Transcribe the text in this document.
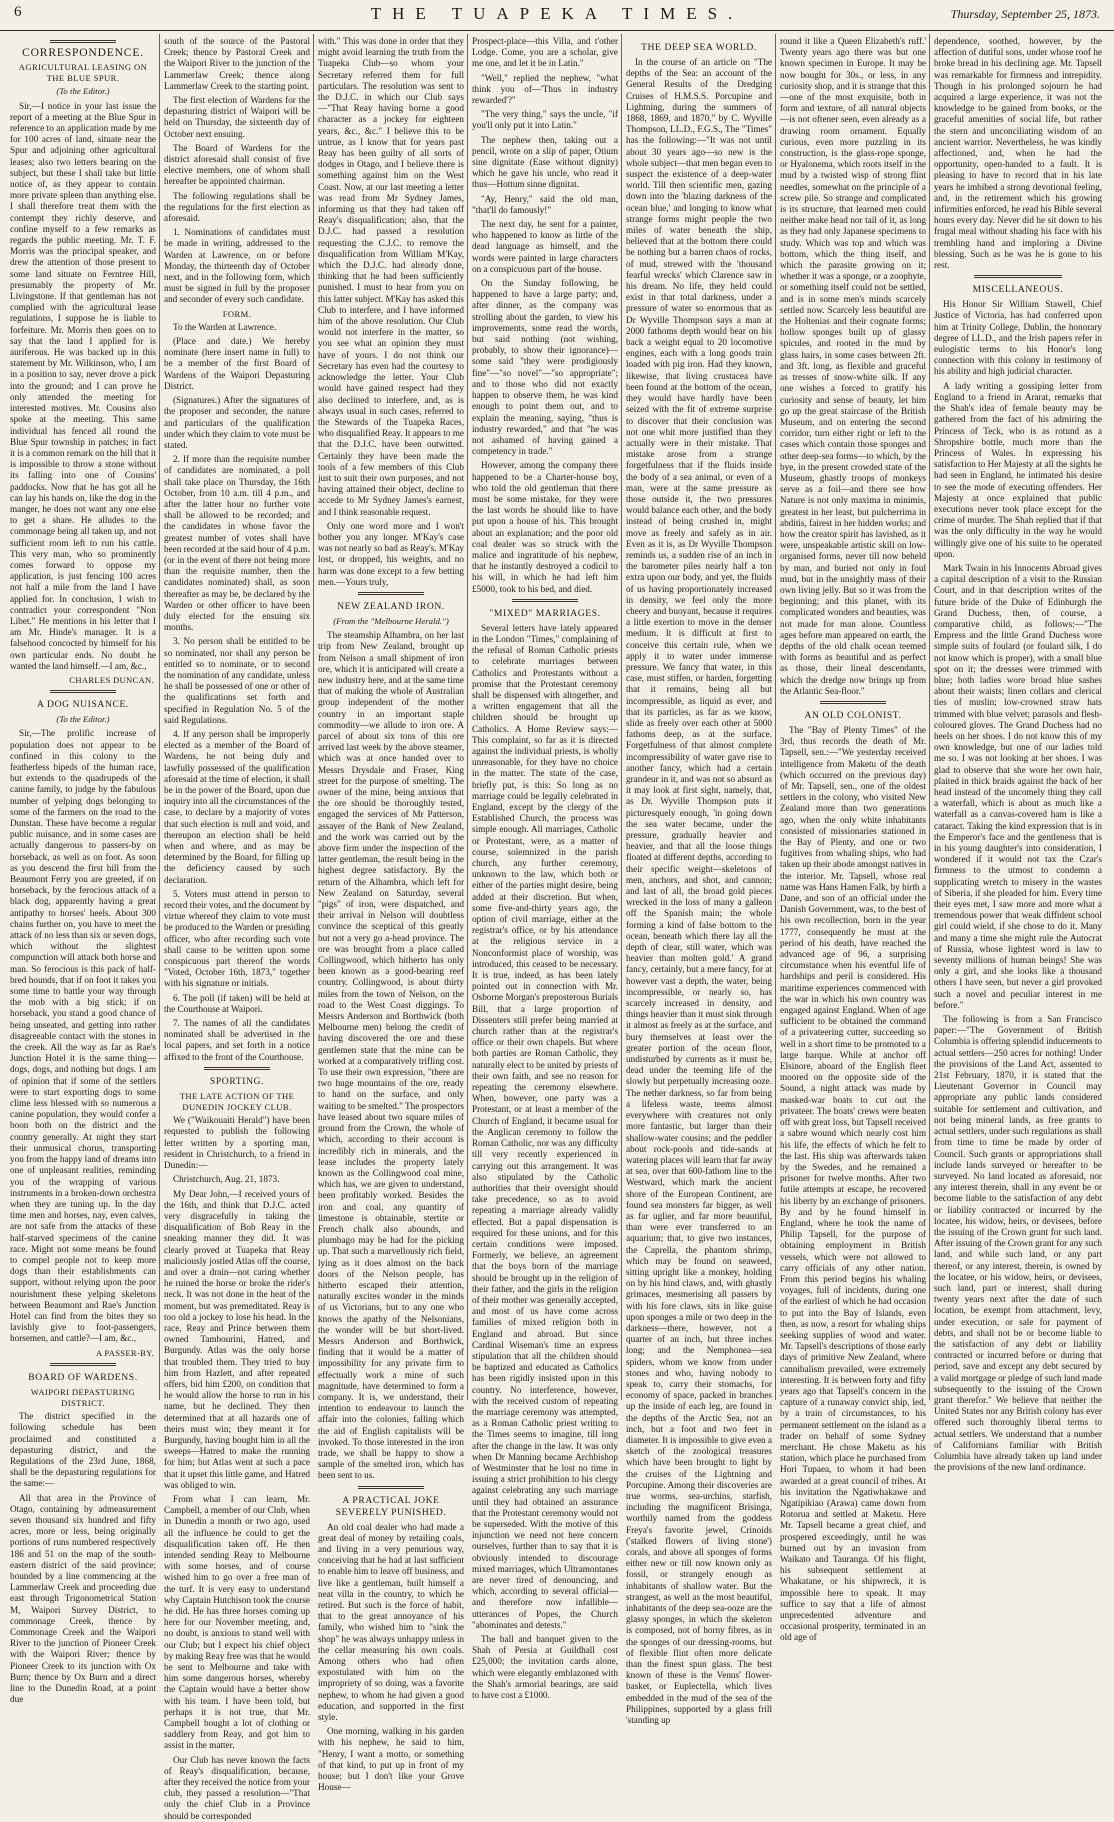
6	THE TUAPEKA TIMES.	Thursday, September 25, 1873.
CORRESPONDENCE.
AGRICULTURAL LEASING ON THE BLUE SPUR.
(To the Editor.)

Sir,—I notice in your last issue the report of a meeting at the Blue Spur in reference to an application made by me for 100 acres of land, situate near the Spur and adjoining other agricultural leases; also two letters bearing on the subject, but these I shall take but little notice of, as they appear to contain more private spleen than anything else. I shall therefore treat them with the contempt they richly deserve, and confine myself to a few remarks as regards the public meeting. Mr. T. F. Morris was the principal speaker, and drew the attention of those present to some land situate on Ferntree Hill, presumably the property of Mr. Livingstone. If that gentleman has not complied with the agricultural lease regulations, I suppose he is liable to forfeiture. Mr. Morris then goes on to say that the land I applied for is auriferous. He was backed up in this statement by Mr. Wilkinson, who, I am in a position to say, never drove a pick into the ground; and I can prove he only attended the meeting for interested motives. Mr. Cousins also spoke at the meeting. This same individual has fenced all round the Blue Spur township in patches; in fact it is a common remark on the hill that it is impossible to throw a stone without its falling into one of Cousins' paddocks. Now that he has got all he can lay his hands on, like the dog in the manger, he does not want any one else to get a share. He alludes to the commonage being all taken up, and not sufficient room left to run his cattle. This very man, who so prominently comes forward to oppose my application, is just fencing 100 acres not half a mile from the land I have applied for. In conclusion, I wish to contradict your correspondent "Non Libet." He mentions in his letter that I am Mr. Hinde's manager. It is a falsehood concocted by himself for his own particular ends. No doubt he wanted the land himself.—I am, &c.,

CHARLES DUNCAN.
A DOG NUISANCE.
(To the Editor.)

Sir,—The prolific increase of population does not appear to be confined in this colony to the featherless bipeds of the human race, but extends to the quadrupeds of the canine family, to judge by the fabulous number of yelping dogs belonging to some of the farmers on the road to the Dunstan. These have become a regular public nuisance, and in some cases are actually dangerous to passers-by on horseback, as well as on foot. As soon as you descend the first hill from the Beaumont Ferry you are greeted, if on horseback, by the ferocious attack of a black dog, apparently having a great antipathy to horses' heels. About 300 chains further on, you have to meet the attack of no less than six or seven dogs, which without the slightest compunction will attack both horse and man. So ferocious is this pack of half-bred hounds, that if on foot it takes you some time to battle your way through the mob with a big stick; if on horseback, you stand a good chance of being unseated, and getting into rather disagreeable contact with the stones in the creek. All the way as far as Rae's Junction Hotel it is the same thing—dogs, dogs, and nothing but dogs. I am of opinion that if some of the settlers were to start exporting dogs to some clime less blessed with so numerous a canine population, they would confer a boon both on the district and the country generally. At night they start their unmusical chorus, transporting you from the happy land of dreams into one of unpleasant realities, reminding you of the wrapping of various instruments in a broken-down orchestra when they are tuning up. In the day time men and horses, nay, even calves, are not safe from the attacks of these half-starved specimens of the canine race. Might not some means be found to compel people not to keep more dogs than their establishments can support, without relying upon the poor nourishment these yelping skeletons between Beaumont and Rae's Junction Hotel can find from the bites they so lavishly give to foot-passengers, horsemen, and cattle?—I am, &c.,

A PASSER-BY.
BOARD OF WARDENS.
WAIPORI DEPASTURING DISTRICT.

The district specified in the following schedule has been proclaimed and constituted a depasturing district, and the Regulations of the 23rd June, 1868, shall be the depasturing regulations for the same:—

All that area in the Province of Otago, containing by admeasurement seven thousand six hundred and fifty acres, more or less, being originally portions of runs numbered respectively 186 and 51 on the map of the south-eastern district of the said province; bounded by a line commencing at the Lammerlaw Creek and proceeding due east through Trigonometrical Station M, Waipori Survey District, to commonage Creek, thence by Commonage Creek and the Waipori River to the junction of Pioneer Creek with the Waipori River; thence by Pioneer Creek to its junction with Ox Burn; thence by Ox Burn and a direct line to the Dunedin Road, at a point due

south of the source of the Pastoral Creek; thence by Pastoral Creek and the Waipori River to the junction of the Lammerlaw Creek; thence along Lammerlaw Creek to the starting point.

The first election of Wardens for the depasturing district of Waipori will be held on Thursday, the sixteenth day of October next ensuing.

The Board of Wardens for the district aforesaid shall consist of five elective members, one of whom shall hereafter be appointed chairman.

The following regulations shall be the regulations for the first election as aforesaid.

1. Nominations of candidates must be made in writing, addressed to the Warden at Lawrence, on or before Monday, the thirteenth day of October next, and in the following form, which must be signed in full by the proposer and seconder of every such candidate.

FORM.

To the Warden at Lawrence.

(Place and date.) We hereby nominate (here insert name in full) to be a member of the first Board of Wardens of the Waipori Depasturing District.

(Signatures.) After the signatures of the proposer and seconder, the nature and particulars of the qualification under which they claim to vote must be stated.

2. If more than the requisite number of candidates are nominated, a poll shall take place on Thursday, the 16th October, from 10 a.m. till 4 p.m., and after the latter hour no further vote shall be allowed to be recorded; and the candidates in whose favor the greatest number of votes shall have been recorded at the said hour of 4 p.m. (or in the event of there not being more than the requisite number, then the candidates nominated) shall, as soon thereafter as may be, be declared by the Warden or other officer to have been duly elected for the ensuing six months.

3. No person shall be entitled to be so nominated, nor shall any person be entitled so to nominate, or to second the nomination of any candidate, unless he shall be possessed of one or other of the qualifications set forth and specified in Regulation No. 5 of the said Regulations.

4. If any person shall be improperly elected as a member of the Board of Wardens, he not being duly and lawfully possessed of the qualification aforesaid at the time of election, it shall be in the power of the Board, upon due inquiry into all the circumstances of the case, to declare by a majority of votes that such election is null and void, and thereupon an election shall be held when and where, and as may be determined by the Board, for filling up the deficiency caused by such declaration.

5. Voters must attend in person to record their votes, and the document by virtue whereof they claim to vote must be produced to the Warden or presiding officer, who after recording such vote shall cause to be written upon some conspicuous part thereof the words "Voted, October 16th, 1873," together with his signature or initials.

6. The poll (if taken) will be held at the Courthouse at Waipori.

7. The names of all the candidates nominated shall be advertised in the local papers, and set forth in a notice affixed to the front of the Courthouse.

SPORTING.
THE LATE ACTION OF THE DUNEDIN JOCKEY CLUB.

We ("Waikouaiti Herald") have been requested to publish the following letter written by a sporting man, resident in Christchurch, to a friend in Dunedin:—

Christchurch, Aug. 21, 1873.

My Dear John,—I received yours of the 16th, and think that D.J.C. acted very disgracefully in taking the disqualification of Bob Reay in the sneaking manner they did. It was clearly proved at Tuapeka that Reay maliciously jostled Atlas off the course, and over a drain—not caring whether he ruined the horse or broke the rider's neck. It was not done in the heat of the moment, but was premeditated. Reay is too old a jockey to lose his head. In the race, Reay and Prince between them owned Tambourini, Hatred, and Burgundy. Atlas was the only horse that troubled them. They tried to buy him from Hazlett, and after repeated offers, bid him £200, on condition that he would allow the horse to run in his name, but he declined. They then determined that at all hazards one of theirs must win; they meant it for Burgundy, having bought him in all the sweeps—Hatred to make the running for him; but Atlas went at such a pace that it upset this little game, and Hatred was obliged to win.

From what I can learn, Mr. Campbell, a member of our Club, when in Dunedin a month or two ago, used all the influence he could to get the disqualification taken off. He then intended sending Reay to Melbourne with some horses, and of course wished him to go over a free man of the turf. It is very easy to understand why Captain Hutchison took the course he did. He has three horses coming up here for our November meeting, and, no doubt, is anxious to stand well with our Club; but I expect his chief object by making Reay free was that he would be sent to Melbourne and take with him some dangerous horses, whereby the Captain would have a better show with his team. I have been told, but perhaps it is not true, that Mr. Campbell bought a lot of clothing or saddlery from Reay, and got him to assist in the matter.

Our Club has never known the facts of Reay's disqualification, because, after they received the notice from your club, they passed a resolution—"That only the chief Club in a Province should be corresponded

with." This was done in order that they might avoid learning the truth from the Tuapeka Club—so whom your Secretary referred them for full particulars. The resolution was sent to the D.J.C. in which our Club says—"That Reay having borne a good character as a jockey for eighteen years, &c., &c." I believe this to be untrue, as I know that for years past Reay has been guilty of all sorts of dodges in Otago, and I believe there is something against him on the West Coast. Now, at our last meeting a letter was read from Mr Sydney James, informing us that they had taken off Reay's disqualification; also, that the D.J.C. had passed a resolution requesting the C.J.C. to remove the disqualification from William M'Kay, which the D.J.C. had already done, thinking that he had been sufficiently punished. I must to hear from you on this latter subject. M'Kay has asked this Club to interfere, and I have informed him of the above resolution. Our Club would not interfere in the matter, so you see what an opinion they must have of yours. I do not think our Secretary has even had the courtesy to acknowledge the letter. Your Club would have gained respect had they also declined to interfere, and, as is always usual in such cases, referred to the Stewards of the Tuapeka Races, who disqualified Reay. It appears to me that the D.J.C. have been outwitted. Certainly they have been made the tools of a few members of this Club just to suit their own purposes, and not having attained their object, decline to accede to Mr Sydney James's earnest, and I think reasonable request.

Only one word more and I won't bother you any longer. M'Kay's case was not nearly so bad as Reay's. M'Kay lost, or dropped, his weights, and no harm was done except to a few betting men.—Yours truly,

NEW ZEALAND IRON.
(From the "Melbourne Herald.")

The steamship Alhambra, on her last trip from New Zealand, brought up from Nelson a small shipment of iron ore, which it is anticipated will create a new industry here, and at the same time that of making the whole of Australian group independent of the mother country in an important staple commodity—we allude to iron ore. A parcel of about six tons of this ore arrived last week by the above steamer, which was at once handed over to Messrs Drysdale and Fraser, King street for the purpose of smelting. The owner of the mine, being anxious that the ore should be thoroughly tested, engaged the services of Mr Patterson, assayer of the Bank of New Zealand, and the work was carried out by the above firm under the inspection of the latter gentleman, the result being in the highest degree satisfactory. By the return of the Alhambra, which left for New Zealand on Saturday, several "pigs" of iron, were dispatched, and their arrival in Nelson will doubtless convince the sceptical of this greatly but not a very go a-head province. The ore was brought from a place called Collingwood, which hitherto has only been known as a good-bearing reef country. Collingwood, is about thirty miles from the town of Nelson, on the road to the West Coast diggings. To Messrs Anderson and Borthwick (both Melbourne men) belong the credit of having discovered the ore and these gentlemen state that the mine can be worked at a comparatively trifling cost. To use their own expression, "there are two huge mountains of the ore, ready to hand on the surface, and only waiting to be smelted." The prospectors have leased about two square miles of ground from the Crown, the whole of which, according to their account is incredibly rich in minerals, and the lease includes the property lately known as the Collingwood coal mine, which has, we are given to understand, been profitably worked. Besides the iron and coal, any quantity of limestone is obtainable, stertite or French chalk also abounds, and plumbago may be had for the picking up. That such a marvellously rich field, lying as it does almost on the back doors of the Nelson people, has hitherto escaped their attention, naturally excites wonder in the minds of us Victorians, but to any one who knows the apathy of the Nelsonians, the wonder will be but short-lived. Messrs Anderson and Borthwick, finding that it would be a matter of impossibility for any private firm to effectually work a mine of such magnitude, have determined to form a company. It is, we understand, their intention to endeavour to launch the affair into the colonies, falling which the aid of English capitalists will be invoked. To those interested in the iron trade, we shall be happy to show a sample of the smelted iron, which has been sent to us.

A PRACTICAL JOKE SEVERELY PUNISHED.

An old coal dealer who had made a great deal of money by retailing coals, and living in a very penurious way, conceiving that he had at last sufficient to enable him to leave off business, and live like a gentleman, built himself a neat villa in the country, to which he retired. But such is the force of habit, that to the great annoyance of his family, who wished him to "sink the shop" he was always unhappy unless in the cellar measuring his own coals. Among others who had often expostulated with him on the impropriety of so doing, was a favorite nephew, to whom he had given a good education, and supported in the first style.

One morning, walking in his garden with his nephew, he said to him, "Henry, I want a motto, or something of that kind, to put up in front of my house; but I don't like your Grove House—

Prospect-place—this Villa, and t'other Lodge. Come, you are a scholar, give me one, and let it be in Latin."

"Well," replied the nephew, "what think you of—'Thus in industry rewarded'?"

"The very thing," says the uncle, "if you'll only put it into Latin."

The nephew then, taking out a pencil, wrote on a slip of paper, Otium sine dignitate (Ease without dignity) which he gave his uncle, who read it thus—Hottum sinne dignitat.

"Ay, Henry," said the old man, "that'll do famously!"

The next day, he sent for a painter, who happened to know as little of the dead language as himself, and the words were painted in large characters on a conspicuous part of the house.

On the Sunday following, he happened to have a large party; and, after dinner, as the company was strolling about the garden, to view his improvements, some read the words, but said nothing (not wishing, probably, to show their ignorance)—some said "they were prodigiously fine"—"so novel"—"so appropriate"; and to those who did not exactly happen to observe them, he was kind enough to point them out, and to explain the meaning, saying, "thus is industry rewarded," and that "he was not ashamed of having gained a competency in trade."

However, among the company there happened to be a Charter-house boy, who told the old gentleman that there must be some mistake, for they were the last words he should like to have put upon a house of his. This brought about an explanation; and the poor old coal dealer was so struck with the malice and ingratitude of his nephew, that he instantly destroyed a codicil to his will, in which he had left him £5000, took to his bed, and died.

"MIXED" MARRIAGES.

Several letters have lately appeared in the London "Times," complaining of the refusal of Roman Catholic priests to celebrate marriages between Catholics and Protestants without a promise that the Protestant ceremony shall be dispensed with altogether, and a written engagement that all the children should be brought up Catholics. A Home Review says:—This complaint, so far as it is directed against the individual priests, is wholly unreasonable, for they have no choice in the matter. The state of the case, briefly put, is this: So long as no marriage could be legally celebrated in England, except by the clergy of the Established Church, the process was simple enough. All marriages, Catholic or Protestant, were, as a matter of course, solemnized in the parish church, any further ceremony, unknown to the law, which both or either of the parties might desire, being added at their discretion. But when, some five-and-thirty years ago, the option of civil marriage, either at the registrar's office, or by his attendance at the religious service in a Nonconformist place of worship, was introduced, this ceased to be necessary. It is true, indeed, as has been lately pointed out in connection with Mr. Osborne Morgan's preposterous Burials Bill, that a large proportion of Dissenters still prefer being married at church rather than at the registrar's office or their own chapels. But where both parties are Roman Catholic, they naturally elect to be united by priests of their own faith, and see no reason for repeating the ceremony elsewhere. When, however, one party was a Protestant, or at least a member of the Church of England, it became usual for the Anglican ceremony to follow the Roman Catholic, nor was any difficulty till very recently experienced in carrying out this arrangement. It was also stipulated by the Catholic authorities that their oversight should take precedence, so as to avoid repeating a marriage already validly effected. But a papal dispensation is required for these unions, and for this certain conditions were imposed. Formerly, we believe, an agreement that the boys born of the marriage should be brought up in the religion of their father, and the girls in the religion of their mother was generally accepted, and most of us have come across families of mixed religion both in England and abroad. But since Cardinal Wiseman's time an express stipulation that all the children should be baptized and educated as Catholics has been rigidly insisted upon in this country. No interference, however, with the received custom of repeating the marriage ceremony was attempted, as a Roman Catholic priest writing to the Times seems to imagine, till long after the change in the law. It was only when Dr Manning became Archbishop of Westminster that he lost no time in issuing a strict prohibition to his clergy against celebrating any such marriage until they had obtained an assurance that the Protestant ceremony would not be superseded. With the motive of this injunction we need not here concern ourselves, further than to say that it is obviously intended to discourage mixed marriages, which Ultramontanes are never tired of denouncing, and which, according to several official—and therefore now infallible—utterances of Popes, the Church "abominates and detests."

The ball and banquet given to the Shah of Persia at Guildhall cost £25,000; the invitation cards alone, which were elegantly emblazoned with the Shah's armorial bearings, are said to have cost a £1000.

THE DEEP SEA WORLD.

In the course of an article on "The depths of the Sea: an account of the General Results of the Dredging Cruises of H.M.S.S. Porcupine and Lightning, during the summers of 1868, 1869, and 1870," by C. Wyville Thompson, LL.D., F.G.S., The "Times" has the following:—"It was not until about 30 years ago—so new is the whole subject—that men began even to suspect the existence of a deep-water world. Till then scientific men, gazing down into the 'blazing darkness of the ocean blue,' and longing to know what strange forms might people the two miles of water beneath the ship, believed that at the bottom there could be nothing but a barren chaos of rocks, of mud, strewed with the 'thousand fearful wrecks' which Clarence saw in his dream. No life, they held could exist in that total darkness, under a pressure of water so enormous that as Dr Wyville Thompson says a man at 2000 fathoms depth would bear on his back a weight equal to 20 locomotive engines, each with a long goods train loaded with pig iron. Had they known, likewise, that living crustacea have been found at the bottom of the ocean, they would have hardly have been seized with the fit of extreme surprise to discover that their conclusion was not one whit more justified than they actually were in their mistake. That mistake arose from a strange forgetfulness that if the fluids inside the body of a sea animal, or even of a man, were at the same pressure as those outside it, the two pressures would balance each other, and the body instead of being crushed in, might move as freely and safely as in air. Even as it is, as Dr Wyville Thompson reminds us, a sudden rise of an inch in the barometer piles nearly half a ton extra upon our body, and yet, the fluids of us having proportionately increased in density, we feel only the more cheery and buoyant, because it requires a little exertion to move in the denser medium. It is difficult at first to conceive this certain rule, when we apply it to water under immense pressure. We fancy that water, in this case, must stiffen, or harden, forgetting that it remains, being all but incompressible, as liquid as ever, and that its particles, as far as we know, slide as freely over each other at 5000 fathoms deep, as at the surface. Forgetfulness of that almost complete incompressibility of water gave rise to another fancy, which had a certain grandeur in it, and was not so absurd as it may look at first sight, namely, that, as Dr. Wyville Thompson puts it picturesquely enough, 'in going down the sea water became, under the pressure, gradually heavier and heavier, and that all the loose things floated at different depths, according to their specific weight—skeletons of men, anchors, and shot, and cannon; and last of all, the broad gold pieces wrecked in the loss of many a galleon off the Spanish main; the whole forming a kind of false bottom to the ocean, beneath which there lay all the depth of clear, still water, which was heavier than molten gold.' A grand fancy, certainly, but a mere fancy, for at however vast a depth, the water, being incompressible, or nearly so, has scarcely increased in density, and things heavier than it must sink through it almost as freely as at the surface, and bury themselves at least over the greater portion of the ocean floor, undisturbed by currents as it must be, dead under the teeming life of the slowly but perpetually increasing ooze. The nether darkness, so far from being a lifeless waste, teems almost everywhere with creatures not only more fantastic, but larger than their shallow-water cousins; and the peddler about rock-pools and tide-sands at watering places will learn that far away at sea, over that 600-fathom line to the Westward, which mark the ancient shore of the European Continent, are found sea monsters far bigger, as well as far uglier, and far more beautiful, than were ever transferred to an aquarium; that, to give two instances, the Caprella, the phantom shrimp, which may be found on seaweed, sitting upright like a monkey, holding on by his hind claws, and, with ghastly grimaces, mesmerising all passers by with his fore claws, sits in like guise upon sponges a mile or two deep in the darkness—there, however, not a quarter of an inch, but three inches long; and the Nemphonea—sea spiders, whom we know from under stones and who, having nobody to speak to, carry their stomachs, for economy of space, packed in branches up the inside of each leg, are found in the depths of the Arctic Sea, not an inch, but a foot and two feet in diameter. It is impossible to give even a sketch of the zoological treasures which have been brought to light by the cruises of the Lightning and Porcupine. Among their discoveries are true worms, sea-urchins, starfish, including the magnificent Brisinga, worthily named from the goddess Freya's favorite jewel, Crinoids ('stalked flowers of living stone') corals, and above all sponges of forms either new or till now known only as fossil, or strangely enough as inhabitants of shallow water. But the strangest, as well as the most beautiful, inhabitants of the deep sea-ooze are the glassy sponges, in which the skeleton is composed, not of horny fibres, as in the sponges of our dressing-rooms, but of flexible flint often more delicate than the finest spun glass. The best known of these is the Venus' flower-basket, or Euplectella, which lives embedded in the mud of the sea of the Philippines, supported by a glass frill 'standing up

round it like a Queen Elizabeth's ruff.' Twenty years ago there was but one known specimen in Europe. It may be now bought for 30s., or less, in any curiosity shop, and it is strange that this—one of the most exquisite, both in form and texture, of all natural objects—is not oftener seen, even already as a drawing room ornament. Equally curious, even more puzzling in its construction, is the glass-rope sponge, or Hyalonema, which roots itself in the mud by a twisted wisp of strong flint needles, somewhat on the principle of a screw pile. So strange and complicated is its structure, that learned men could neither make head nor tail of it, as long as they had only Japanese specimens to study. Which was top and which was bottom, which the thing itself, and which the parasite growing on it; whether it was a sponge, or a zoophyte, or something itself could not be settled, and is in some men's minds scarcely settled now. Scarcely less beautiful are the Holtenias and their cognate forms; hollow sponges built up of glassy spicules, and rooted in the mud by glass hairs, in some cases between 2ft. and 3ft. long, as flexible and graceful as tresses of snow-white silk. If any one wishes a forced to gratify his curiosity and sense of beauty, let him go up the great staircase of the British Museum, and on entering the second corridor, turn either right or left to the cases which contain those sponges and other deep-sea forms—to which, by the bye, in the present crowded state of the Museum, ghastly troops of monkeys serve as a foil—and there see how Nature is not only maxima in minimis, greatest in her least, but pulcherrima in abditis, fairest in her hidden works; and how the creator spirit has lavished, as it were, unspeakable artistic skill on low-organised forms, never till now beheld by man, and buried not only in foul mud, but in the unsightly mass of their own living jelly. But so it was from the beginning; and this planet, with its complicated wonders and beauties, was not made for man alone. Countless ages before man appeared on earth, the depths of the old chalk ocean teemed with forms as beautiful and as perfect as those, their lineal descendants, which the dredge now brings up from the Atlantic Sea-floor."

AN OLD COLONIST.

The "Bay of Plenty Times" of the 3rd, thus records the death of Mr. Tapsell, sen.:—"We yesterday received intelligence from Maketu of the death (which occurred on the previous day) of Mr. Tapsell, sen., one of the oldest settlers in the colony, who visited New Zealand more than two generations ago, when the only white inhabitants consisted of missionaries stationed in the Bay of Plenty, and one or two fugitives from whaling ships, who had taken up their abode amongst natives in the interior. Mr. Tapsell, whose real name was Hans Hamen Falk, by birth a Dane, and son of an official under the Danish Government, was, to the best of his own recollection, born in the year 1777, consequently he must at the period of his death, have reached the advanced age of 96, a surprising circumstance when his eventful life of hardships and peril is considered. His maritime experiences commenced with the war in which his own country was engaged against England. When of age sufficient to be obtained the command of a privateering cutter, succeeding so well in a short time to be promoted to a large barque. While at anchor off Elsinore, aboard of the English fleet moored on the opposite side of the Sound, a night attack was made by masked-war boats to cut out the privateer. The boats' crews were beaten off with great loss, but Tapsell received a sabre wound which nearly cost him his life, the effects of which he felt to the last. His ship was afterwards taken by the Swedes, and he remained a prisoner for twelve months. After two futile attempts at escape, he recovered his liberty by an exchange of prisoners. By and by he found himself in England, where he took the name of Philip Tapsell, for the purpose of obtaining employment in British vessels, which were not allowed to carry officials of any other nation. From this period begins his whaling voyages, full of incidents, during one of the earliest of which he had occasion to put into the Bay of Islands, even then, as now, a resort for whaling ships seeking supplies of wood and water. Mr. Tapsell's descriptions of those early days of primitive New Zealand, where cannibalism prevailed, were extremely interesting. It is between forty and fifty years ago that Tapsell's concern in the capture of a runaway convict ship, led, by a train of circumstances, to his permanent settlement on the island as a trader on behalf of some Sydney merchant. He chose Maketu as his station, which place he purchased from Hori Tupaea, to whom it had been awarded at a great council of tribes. At his invitation the Ngatiwhakawe and Ngatipikiao (Arawa) came down from Rotorua and settled at Maketu. Here Mr. Tapsell became a great chief, and prospered exceedingly, until he was burned out by an invasion from Waikato and Tauranga. Of his flight, his subsequent settlement at Whakatane, or his shipwreck, it is impossible here to speak. It may suffice to say that a life of almost unprecedented adventure and occasional prosperity, terminated in an old age of

dependence, soothed, however, by the affection of dutiful sons, under whose roof he broke bread in his declining age. Mr. Tapsell was remarkable for firmness and intrepidity. Though in his prolonged sojourn he had acquired a large experience, it was not the knowledge to be gained from books, or the graceful amenities of social life, but rather the stern and unconciliating wisdom of an ancient warrior. Nevertheless, he was kindly affectioned, and, when he had the opportunity, open-handed to a fault. It is pleasing to have to record that in his late years he imbibed a strong devotional feeling, and, in the retirement which his growing infirmities enforced, he read his Bible several hours every day. Never did he sit down to his frugal meal without shading his face with his trembling hand and imploring a Divine blessing. Such as he was he is gone to his rest.

MISCELLANEOUS.

His Honor Sir William Stawell, Chief Justice of Victoria, has had conferred upon him at Trinity College, Dublin, the honorary degree of LL.D., and the Irish papers refer in eulogistic terms to his Honor's long connection with this colony in testimony of his ability and high judicial character.

A lady writing a gossiping letter from England to a friend in Ararat, remarks that the Shah's idea of female beauty may be gathered from the fact of his admiring the Princess of Teck, who is as rotund as a Shropshire bottle, much more than the Princess of Wales. In expressing his satisfaction to Her Majesty at all the sights he had seen in England, he intimated his desire to see the mode of executing offenders. Her Majesty at once explained that public executions never took place except for the crime of murder. The Shah replied that if that was the only difficulty in the way he would willingly give one of his suite to be operated upon.

Mark Twain in his Innocents Abroad gives a capital description of a visit to the Russian Court, and in that description writes of the future bride of the Duke of Edinburgh the Grand Duchess, then, of course, a comparative child, as follows:—"The Empress and the little Grand Duchess wore simple suits of foulard (or foulard silk, I do not know which is proper), with a small blue spot on it; the dresses were trimmed with blue; both ladies wore broad blue sashes about their waists; linen collars and clerical ties of muslin; low-crowned straw hats trimmed with blue velvet; parasols and flesh-coloured gloves. The Grand Duchess had no heels on her shoes. I do not know this of my own knowledge, but one of our ladies told me so. I was not looking at her shoes. I was glad to observe that she wore her own hair, plaited in thick braids against the back of her head instead of the uncomely thing they call a waterfall, which is about as much like a waterfall as a canvas-covered ham is like a cataract. Taking the kind expression that is in the Emperor's face and the gentleness that is in his young daughter's into consideration, I wondered if it would not tax the Czar's firmness to the utmost to condemn a supplicating wretch to misery in the wastes of Siberia, if she pleaded for him. Every time their eyes met, I saw more and more what a tremendous power that weak diffident school girl could wield, if she chose to do it. Many and many a time she might rule the Autocrat of Russia, whose lightest word is law to seventy millions of human beings! She was only a girl, and she looks like a thousand others I have seen, but never a girl provoked such a novel and peculiar interest in me before."

The following is from a San Francisco paper:—"The Government of British Columbia is offering splendid inducements to actual settlers—250 acres for nothing! Under the provisions of the Land Act, assented to 21st February, 1870, it is stated that the Lieutenant Governor in Council may appropriate any public lands considered suitable for settlement and cultivation, and not being mineral lands, as free grants to actual settlers, under such regulations as shall from time to time be made by order of Council. Such grants or appropriations shall include lands surveyed or hereafter to be surveyed. No land located as aforesaid, nor any interest therein, shall in any event be or become liable to the satisfaction of any debt or liability contracted or incurred by the locatee, his widow, heirs, or devisees, before the issuing of the Crown grant for such land. After issuing of the Crown grant for any such land, and while such land, or any part thereof, or any interest, therein, is owned by the locatee, or his widow, heirs, or devisees, such land, part or interest, shall during twenty years next after the date of such location, be exempt from attachment, levy, under execution, or sale for payment of debts, and shall not be or become liable to the satisfaction of any debt or liability contracted or incurred before or during that period, save and except any debt secured by a valid mortgage or pledge of such land made subsequently to the issuing of the Crown grant therefor." We believe that neither the United States nor any British colony has ever offered such thoroughly liberal terms to actual settlers. We understand that a number of Californians familiar with British Columbia have already taken up land under the provisions of the new land ordinance.
